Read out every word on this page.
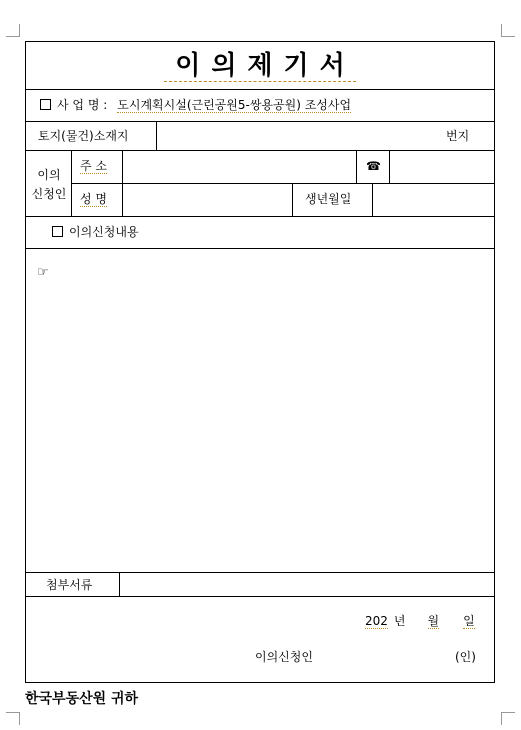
이의제기서
사 업 명 : 도시계획시설(근린공원5-쌍용공원) 조성사업
토지(물건)소재지	번지
이의
신청인
주 소	☎
성 명	생년월일
이의신청내용
☞
첨부서류
202 년 월 일
이의신청인	(인)
한국부동산원 귀하
